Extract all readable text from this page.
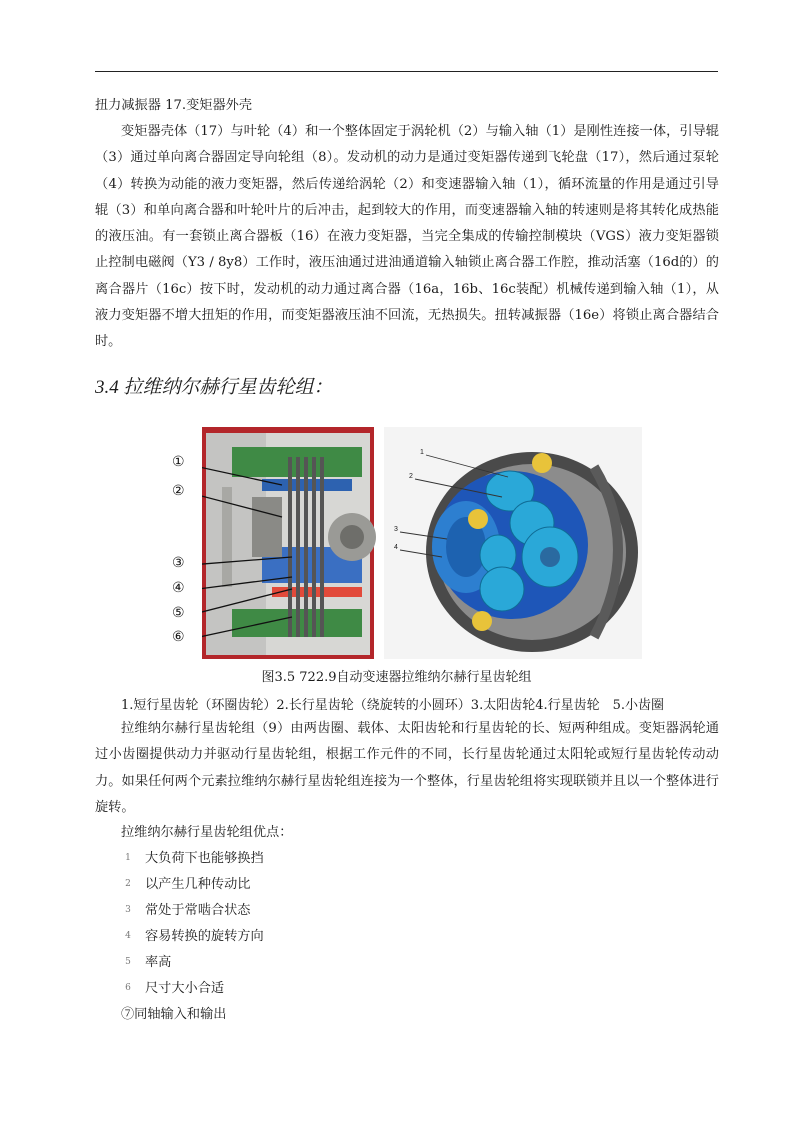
扭力减振器 17.变矩器外壳
变矩器壳体（17）与叶轮（4）和一个整体固定于涡轮机（2）与输入轴（1）是刚性连接一体，引导辊（3）通过单向离合器固定导向轮组（8）。发动机的动力是通过变矩器传递到飞轮盘（17），然后通过泵轮（4）转换为动能的液力变矩器，然后传递给涡轮（2）和变速器输入轴（1），循环流量的作用是通过引导辊（3）和单向离合器和叶轮叶片的后冲击，起到较大的作用，而变速器输入轴的转速则是将其转化成热能的液压油。有一套锁止离合器板（16）在液力变矩器，当完全集成的传输控制模块（VGS）液力变矩器锁止控制电磁阀（Y3 / 8y8）工作时，液压油通过进油通道输入轴锁止离合器工作腔，推动活塞（16d的）的离合器片（16c）按下时，发动机的动力通过离合器（16a，16b、16c装配）机械传递到输入轴（1），从液力变矩器不增大扭矩的作用，而变矩器液压油不回流，无热损失。扭转减振器（16e）将锁止离合器结合时。
3.4 拉维纳尔赫行星齿轮组：
①
②
③
④
⑤
⑥
1
2
3
4
图3.5 722.9自动变速器拉维纳尔赫行星齿轮组
1.短行星齿轮（环圈齿轮）2.长行星齿轮（绕旋转的小圆环）3.太阳齿轮4.行星齿轮　5.小齿圈
拉维纳尔赫行星齿轮组（9）由两齿圈、载体、太阳齿轮和行星齿轮的长、短两种组成。变矩器涡轮通过小齿圈提供动力并驱动行星齿轮组，根据工作元件的不同，长行星齿轮通过太阳轮或短行星齿轮传动动力。如果任何两个元素拉维纳尔赫行星齿轮组连接为一个整体，行星齿轮组将实现联锁并且以一个整体进行旋转。
拉维纳尔赫行星齿轮组优点：
1 大负荷下也能够换挡
2 以产生几种传动比
3 常处于常啮合状态
4 容易转换的旋转方向
5 率高
6 尺寸大小合适
⑦同轴输入和输出
